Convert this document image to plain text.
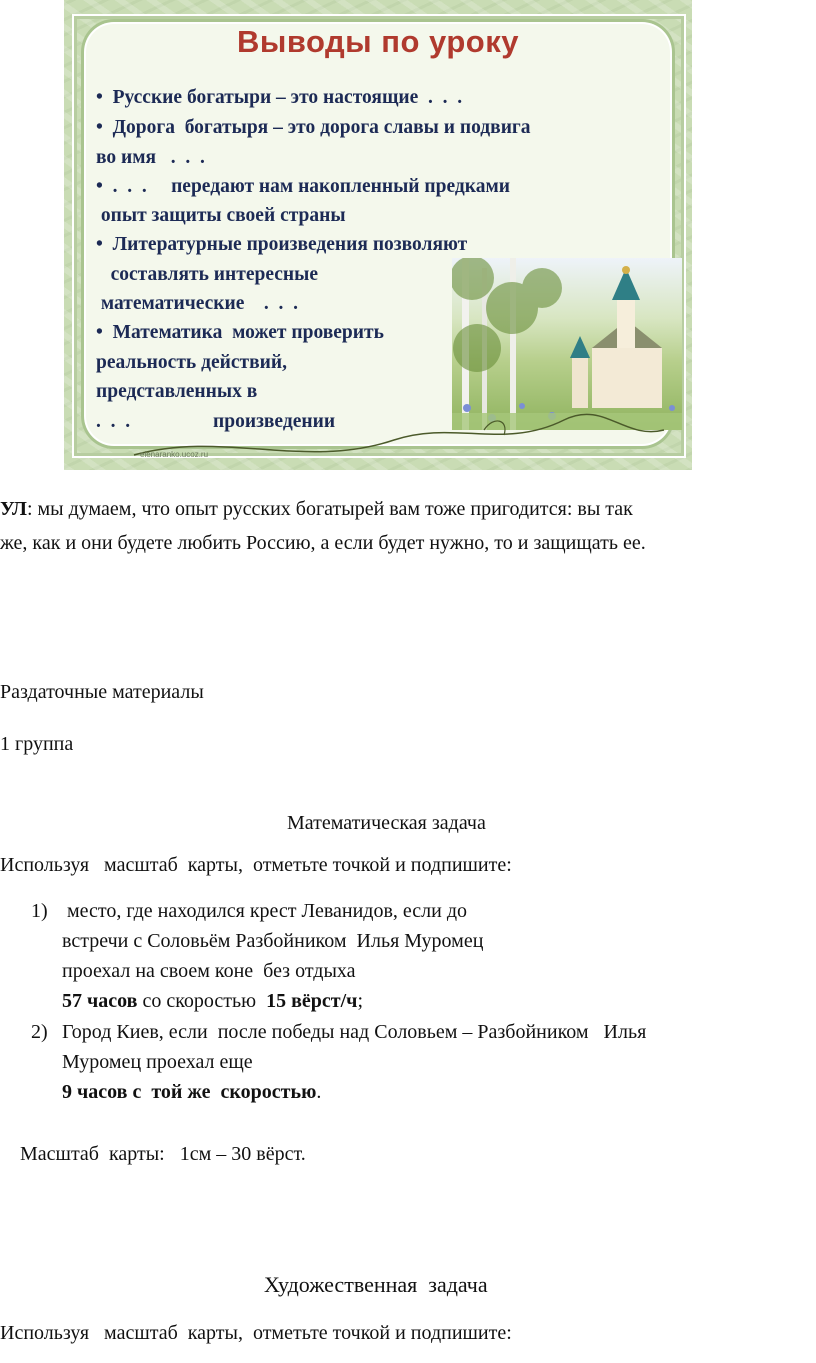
Выводы по уроку
•  Русские богатыри – это настоящие  .  .  .
•  Дорога  богатыря – это дорога славы и подвига
во имя   .  .  .
•  .  .  .     передают нам накопленный предками
опыт защиты своей страны
•  Литературные произведения позволяют
составлять интересные
математические    .  .  .
•  Математика  может проверить
реальность действий,
представленных в
.  .  .                 произведении
elenaranko.ucoz.ru
УЛ: мы думаем, что опыт русских богатырей вам тоже пригодится: вы так
же, как и они будете любить Россию, а если будет нужно, то и защищать ее.
Раздаточные материалы
1 группа
Математическая задача
Используя   масштаб  карты,  отметьте точкой и подпишите:
1) место, где находился крест Леванидов, если до
встречи с Соловьём Разбойником  Илья Муромец
проехал на своем коне  без отдыха
57 часов со скоростью  15 вёрст/ч;
2) Город Киев, если  после победы над Соловьем – Разбойником   Илья
Муромец проехал еще
9 часов с  той же  скоростью.
Масштаб  карты:   1см – 30 вёрст.
Художественная  задача
Используя   масштаб  карты,  отметьте точкой и подпишите:
